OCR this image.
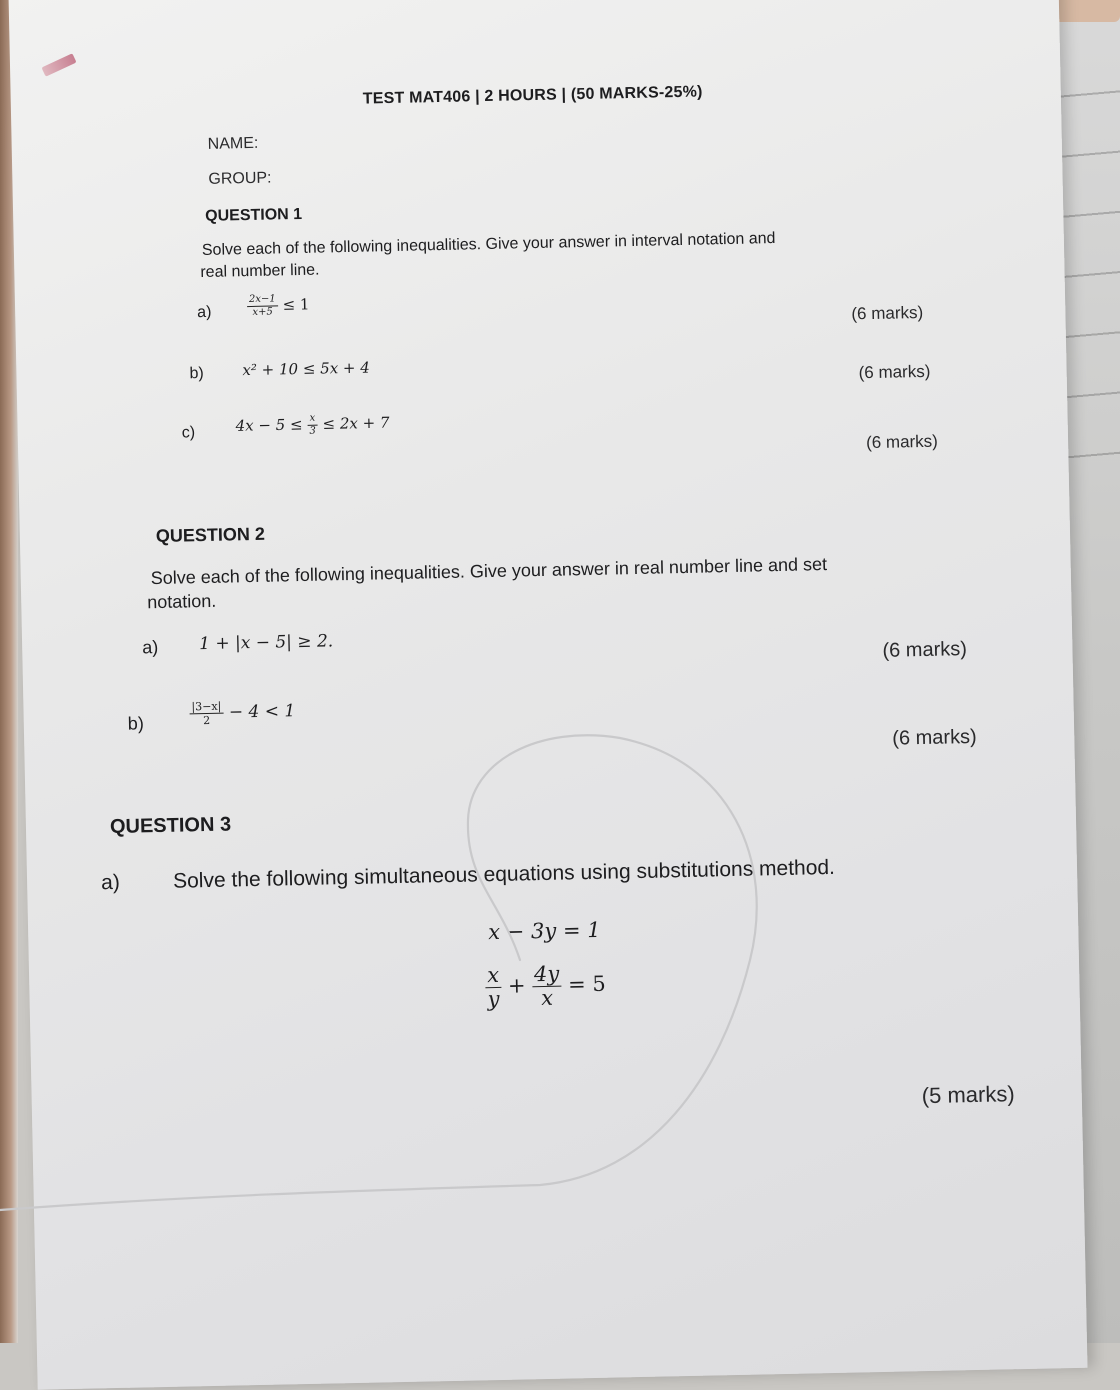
TEST MAT406 | 2 HOURS | (50 MARKS-25%)
NAME:
GROUP:
QUESTION 1
Solve each of the following inequalities. Give your answer in interval notation and
real number line.
a)	$\frac{2x-1}{x+5} \le 1$	(6 marks)
b)	x² + 10 ≤ 5x + 4	(6 marks)
c)	$4x - 5 \le \frac{x}{3} \le 2x + 7$
(6 marks)
QUESTION 2
Solve each of the following inequalities. Give your answer in real number line and set
notation.
a) 1 + |x − 5| ≥ 2.	(6 marks)
b)	$\frac{|3-x|}{2} - 4 < 1$
(6 marks)
QUESTION 3
a)	Solve the following simultaneous equations using substitutions method.
x − 3y = 1
$\frac{x}{y} + \frac{4y}{x} = 5$
(5 marks)
